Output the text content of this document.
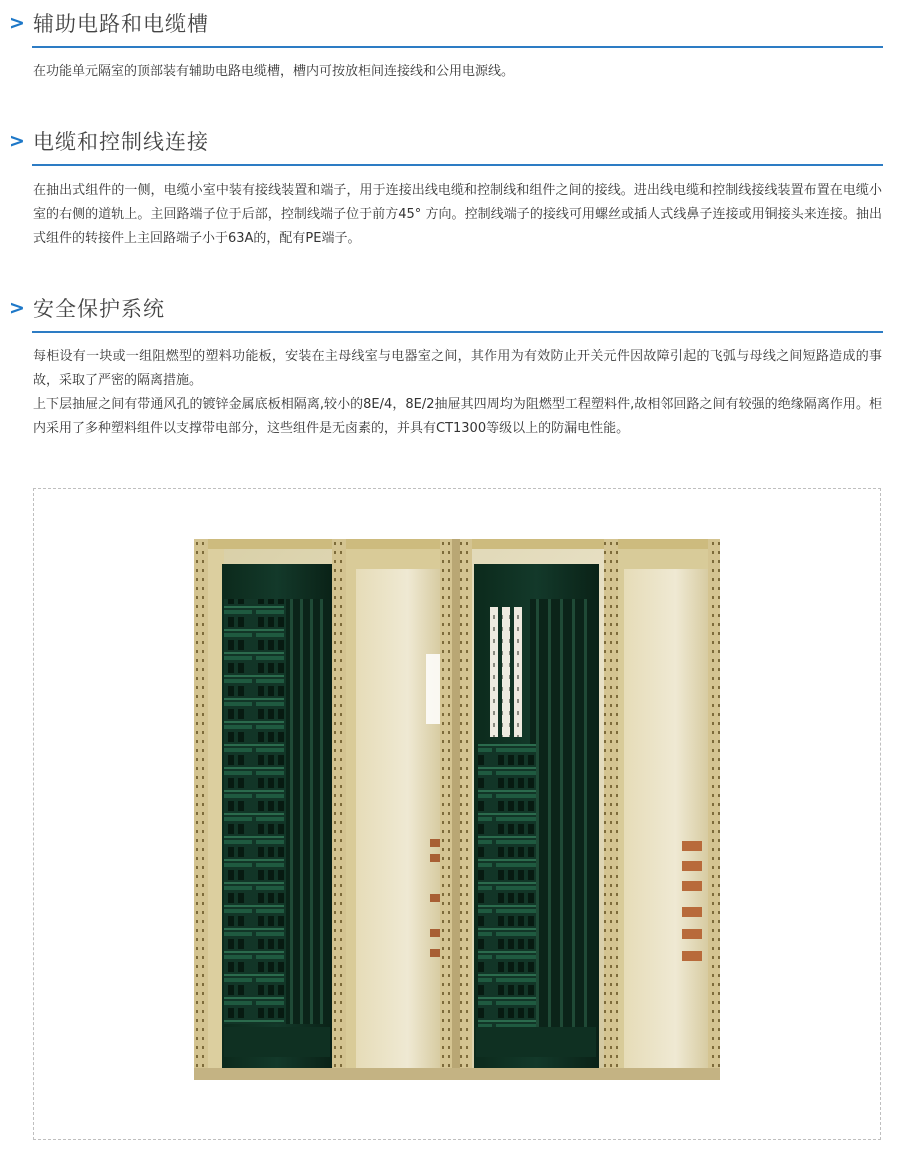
> 辅助电路和电缆槽

在功能单元隔室的顶部装有辅助电路电缆槽，槽内可按放柜间连接线和公用电源线。

> 电缆和控制线连接

在抽出式组件的一侧，电缆小室中装有接线装置和端子，用于连接出线电缆和控制线和组件之间的接线。进出线电缆和控制线接线装置布置在电缆小室的右侧的道轨上。主回路端子位于后部，控制线端子位于前方45° 方向。控制线端子的接线可用螺丝或插人式线鼻子连接或用铜接头来连接。抽出式组件的转接件上主回路端子小于63A的，配有PE端子。

> 安全保护系统

每柜设有一块或一组阻燃型的塑料功能板，安装在主母线室与电器室之间，其作用为有效防止开关元件因故障引起的飞弧与母线之间短路造成的事故，采取了严密的隔离措施。

上下层抽屉之间有带通风孔的镀锌金属底板相隔离,较小的8E/4，8E/2抽屉其四周均为阻燃型工程塑料件,故相邻回路之间有较强的绝缘隔离作用。柜内采用了多种塑料组件以支撑带电部分，这些组件是无卤素的，并具有CT1300等级以上的防漏电性能。
